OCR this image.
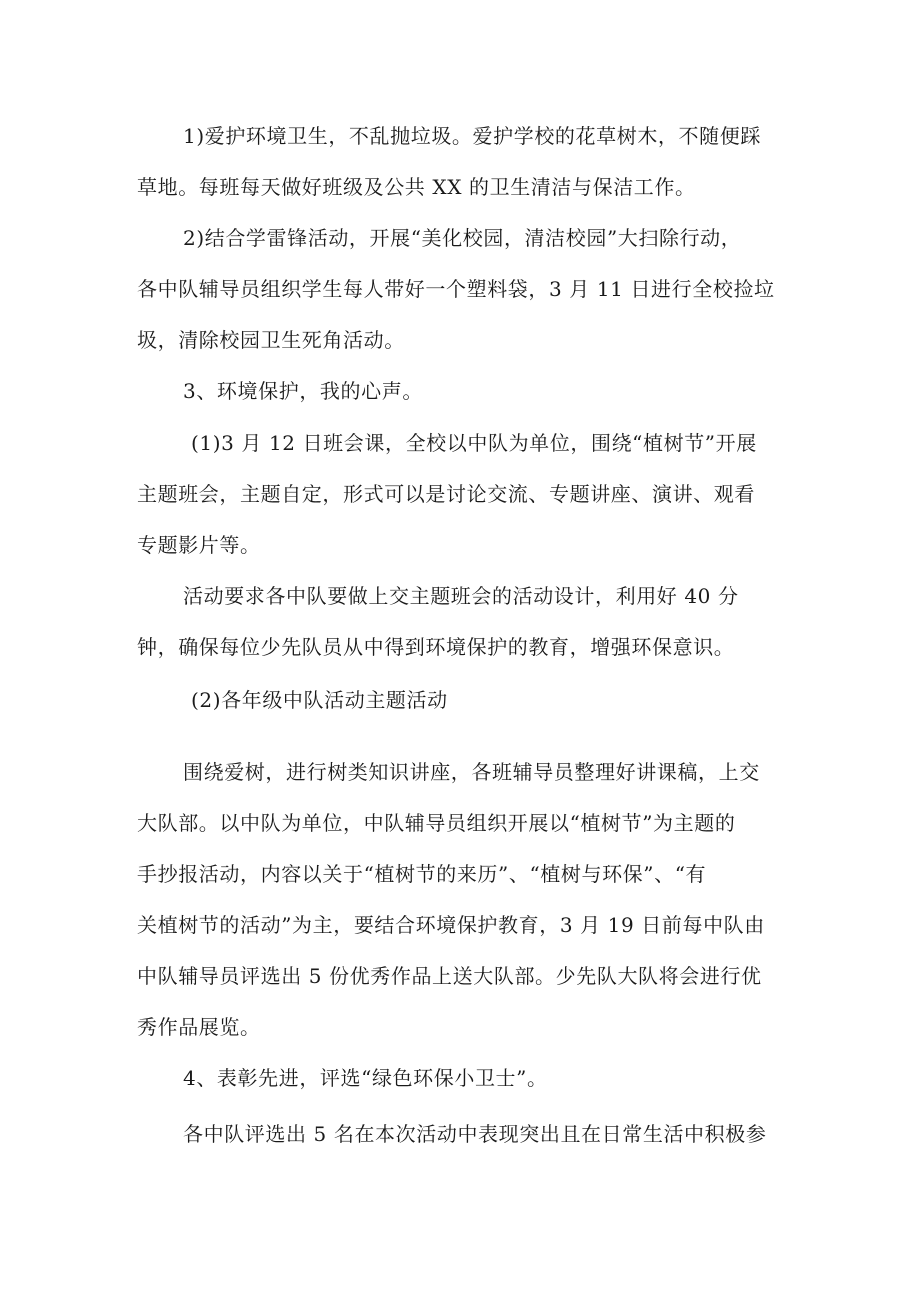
1)爱护环境卫生，不乱抛垃圾。爱护学校的花草树木，不随便踩
草地。每班每天做好班级及公共 XX 的卫生清洁与保洁工作。
2)结合学雷锋活动，开展“美化校园，清洁校园”大扫除行动，
各中队辅导员组织学生每人带好一个塑料袋，3 月 11 日进行全校捡垃
圾，清除校园卫生死角活动。
3、环境保护，我的心声。
(1)3 月 12 日班会课，全校以中队为单位，围绕“植树节”开展
主题班会，主题自定，形式可以是讨论交流、专题讲座、演讲、观看
专题影片等。
活动要求各中队要做上交主题班会的活动设计，利用好 40 分
钟，确保每位少先队员从中得到环境保护的教育，增强环保意识。
(2)各年级中队活动主题活动
围绕爱树，进行树类知识讲座，各班辅导员整理好讲课稿，上交
大队部。以中队为单位，中队辅导员组织开展以“植树节”为主题的
手抄报活动，内容以关于“植树节的来历”、“植树与环保”、“有
关植树节的活动”为主，要结合环境保护教育，3 月 19 日前每中队由
中队辅导员评选出 5 份优秀作品上送大队部。少先队大队将会进行优
秀作品展览。
4、表彰先进，评选“绿色环保小卫士”。
各中队评选出 5 名在本次活动中表现突出且在日常生活中积极参
